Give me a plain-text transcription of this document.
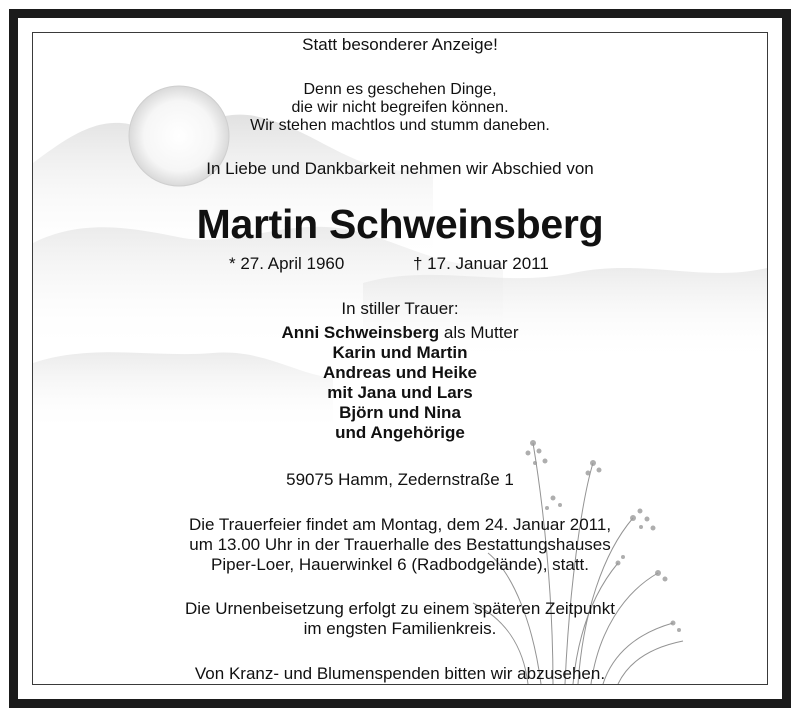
Statt besonderer Anzeige!
Denn es geschehen Dinge,
die wir nicht begreifen können.
Wir stehen machtlos und stumm daneben.
In Liebe und Dankbarkeit nehmen wir Abschied von
Martin Schweinsberg
* 27. April 1960	† 17. Januar 2011
In stiller Trauer:
Anni Schweinsberg als Mutter
Karin und Martin
Andreas und Heike
mit Jana und Lars
Björn und Nina
und Angehörige
59075 Hamm, Zedernstraße 1
Die Trauerfeier findet am Montag, dem 24. Januar 2011,
um 13.00 Uhr in der Trauerhalle des Bestattungshauses
Piper-Loer, Hauerwinkel 6 (Radbodgelände), statt.
Die Urnenbeisetzung erfolgt zu einem späteren Zeitpunkt
im engsten Familienkreis.
Von Kranz- und Blumenspenden bitten wir abzusehen.
